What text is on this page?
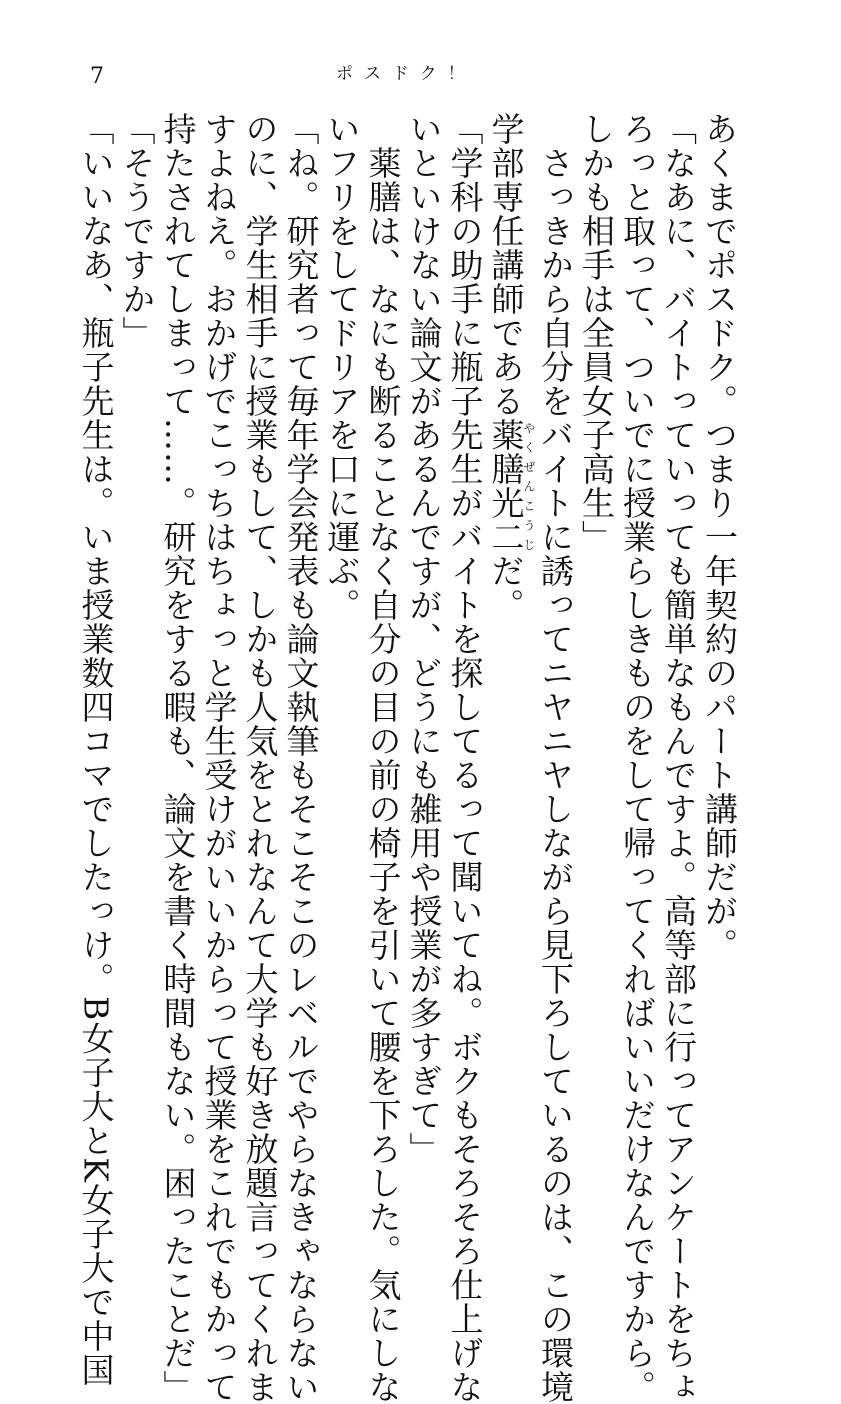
7	ポスドク！

あくまでポスドク。つまり一年契約のパート講師だが。

「なあに、バイトっていっても簡単なもんですよ。高等部に行ってアンケートをちょ

ろっと取って、ついでに授業らしきものをして帰ってくればいいだけなんですから。

しかも相手は全員女子高生」

　さっきから自分をバイトに誘ってニヤニヤしながら見下ろしているのは、この環境

学部専任講師である薬膳光二やくぜんこうじだ。

「学科の助手に瓶子先生がバイトを探してるって聞いてね。ボクもそろそろ仕上げな

いといけない論文があるんですが、どうにも雑用や授業が多すぎて」

　薬膳は、なにも断ることなく自分の目の前の椅子を引いて腰を下ろした。気にしな

いフリをしてドリアを口に運ぶ。

「ね。研究者って毎年学会発表も論文執筆もそこそこのレベルでやらなきゃならない

のに、学生相手に授業もして、しかも人気をとれなんて大学も好き放題言ってくれま

すよねえ。おかげでこっちはちょっと学生受けがいいからって授業をこれでもかって

持たされてしまって……。研究をする暇も、論文を書く時間もない。困ったことだ」

「そうですか」

「いいなあ、瓶子先生は。いま授業数四コマでしたっけ。B女子大とK女子大で中国
